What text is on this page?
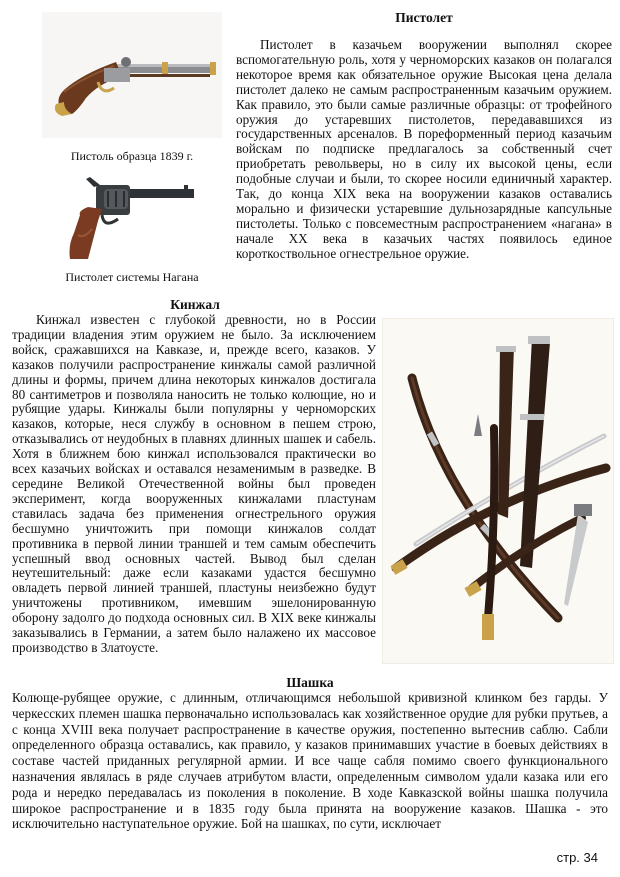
Пистоль образца 1839 г.
Пистолет системы Нагана
Пистолет

Пистолет в казачьем вооружении выполнял скорее вспомогательную роль, хотя у черноморских казаков он полагался некоторое время как обязательное оружие Высокая цена делала пистолет далеко не самым распространенным казачьим оружием. Как правило, это были самые различные образцы: от трофейного оружия до устаревших пистолетов, передававшихся из государственных арсеналов. В пореформенный период казачьим войскам по подписке предлагалось за собственный счет приобретать револьверы, но в силу их высокой цены, если подобные случаи и были, то скорее носили единичный характер. Так, до конца XIX века на вооружении казаков оставались морально и физически устаревшие дульнозарядные капсульные пистолеты. Только с повсеместным распространением «нагана» в начале XX века в казачьих частях появилось единое короткоствольное огнестрельное оружие.

Кинжал

Кинжал известен с глубокой древности, но в России традиции владения этим оружием не было. За исключением войск, сражавшихся на Кавказе, и, прежде всего, казаков. У казаков получили распространение кинжалы самой различной длины и формы, причем длина некоторых кинжалов достигала 80 сантиметров и позволяла наносить не только колющие, но и рубящие удары. Кинжалы были популярны у черноморских казаков, которые, неся службу в основном в пешем строю, отказывались от неудобных в плавнях длинных шашек и сабель. Хотя в ближнем бою кинжал использовался практически во всех казачьих войсках и оставался незаменимым в разведке. В середине Великой Отечественной войны был проведен эксперимент, когда вооруженных кинжалами пластунам ставилась задача без применения огнестрельного оружия бесшумно уничтожить при помощи кинжалов солдат противника в первой линии траншей и тем самым обеспечить успешный ввод основных частей. Вывод был сделан неутешительный: даже если казаками удастся бесшумно овладеть первой линией траншей, пластуны неизбежно будут уничтожены противником, имевшим эшелонированную оборону задолго до подхода основных сил. В XIX веке кинжалы заказывались в Германии, а затем было налажено их массовое производство в Златоусте.

Шашка

Колюще-рубящее оружие, с длинным, отличающимся небольшой кривизной клинком без гарды. У черкесских племен шашка первоначально использовалась как хозяйственное орудие для рубки прутьев, а с конца XVIII века получает распространение в качестве оружия, постепенно вытеснив саблю. Сабли определенного образца оставались, как правило, у казаков принимавших участие в боевых действиях в составе частей приданных регулярной армии. И все чаще сабля помимо своего функционального назначения являлась в ряде случаев атрибутом власти, определенным символом удали казака или его рода и нередко передавалась из поколения в поколение. В ходе Кавказской войны шашка получила широкое распространение и в 1835 году была принята на вооружение казаков. Шашка - это исключительно наступательное оружие. Бой на шашках, по сути, исключает

стр. 34
